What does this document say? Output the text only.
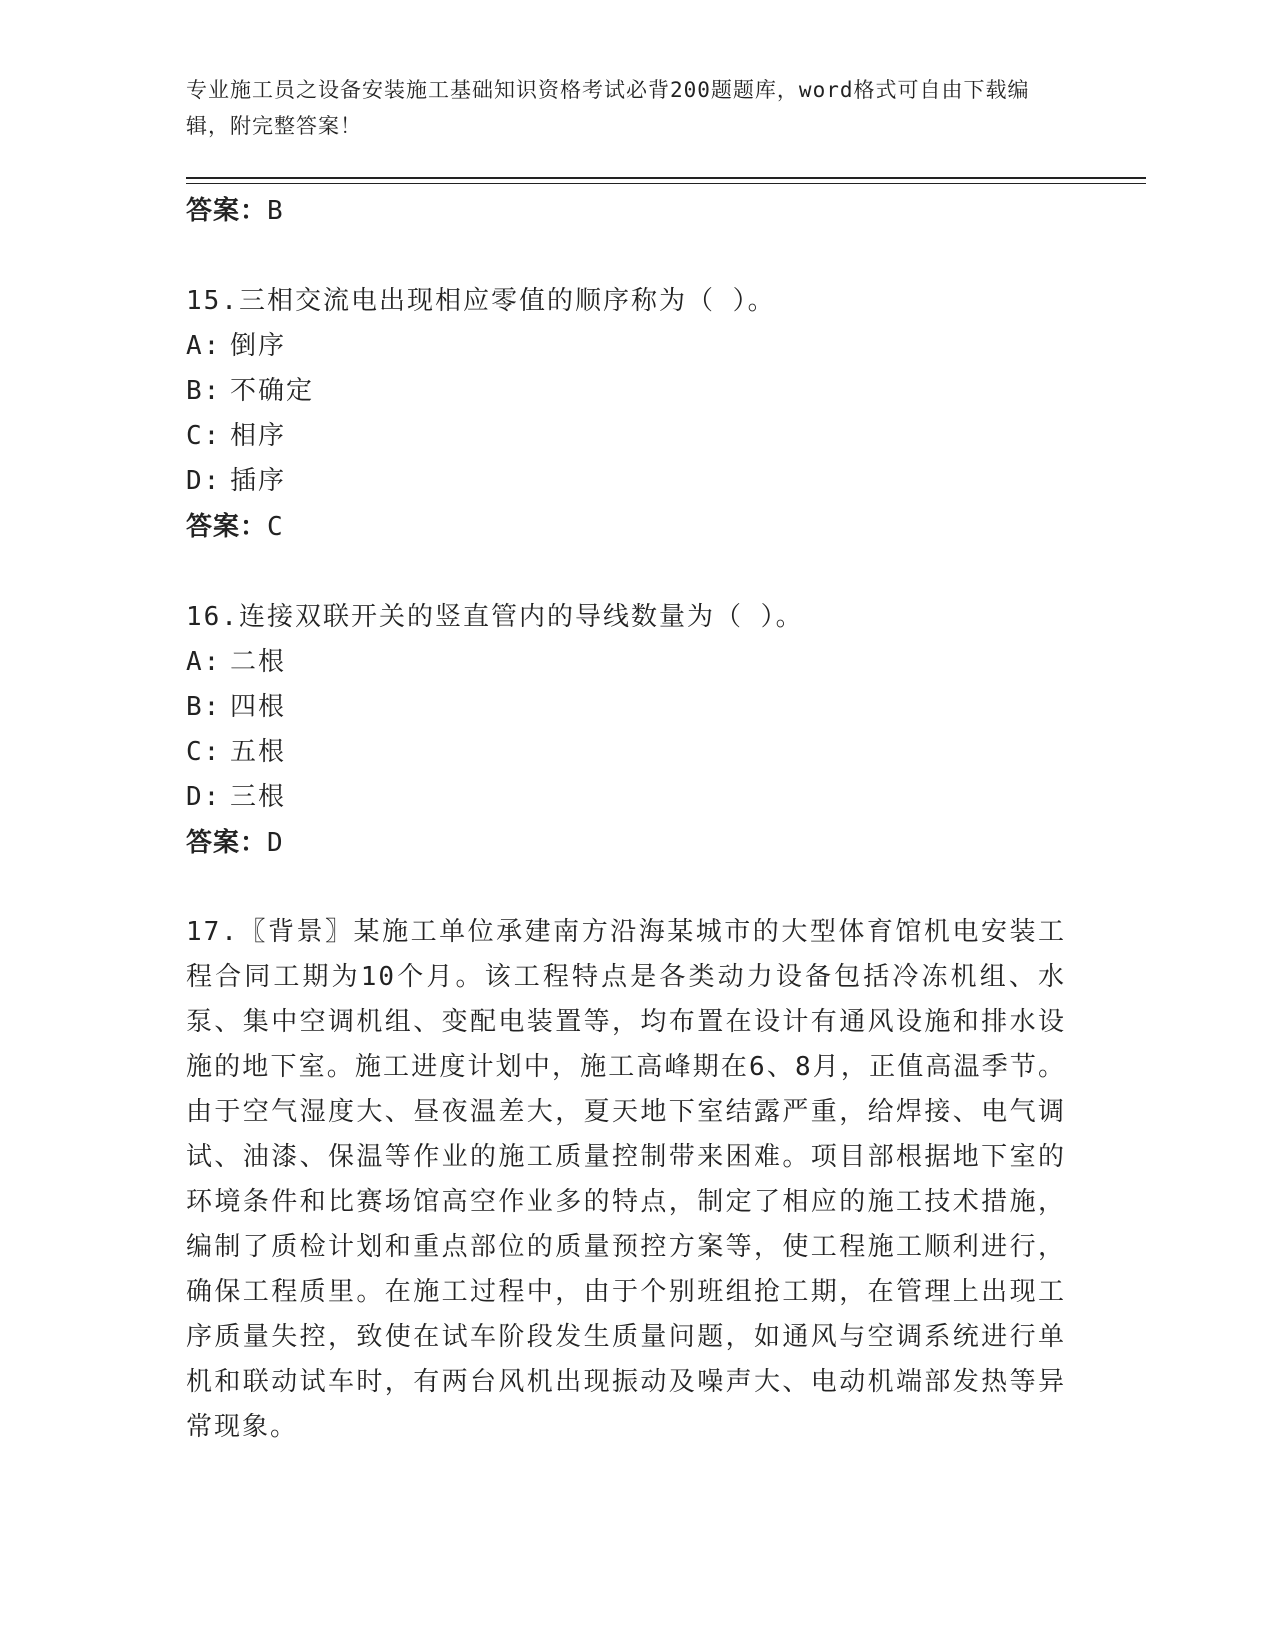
专业施工员之设备安装施工基础知识资格考试必背200题题库，word格式可自由下载编辑，附完整答案！

答案：B

15.三相交流电出现相应零值的顺序称为（ ）。

A: 倒序

B: 不确定

C: 相序

D: 插序

答案：C

16.连接双联开关的竖直管内的导线数量为（ ）。

A: 二根

B: 四根

C: 五根

D: 三根

答案：D

17.〖背景〗某施工单位承建南方沿海某城市的大型体育馆机电安装工程合同工期为10个月。该工程特点是各类动力设备包括冷冻机组、水泵、集中空调机组、变配电装置等，均布置在设计有通风设施和排水设施的地下室。施工进度计划中，施工高峰期在6、8月，正值高温季节。由于空气湿度大、昼夜温差大，夏天地下室结露严重，给焊接、电气调试、油漆、保温等作业的施工质量控制带来困难。项目部根据地下室的环境条件和比赛场馆高空作业多的特点，制定了相应的施工技术措施，编制了质检计划和重点部位的质量预控方案等，使工程施工顺利进行，确保工程质里。在施工过程中，由于个别班组抢工期，在管理上出现工序质量失控，致使在试车阶段发生质量问题，如通风与空调系统进行单机和联动试车时，有两台风机出现振动及噪声大、电动机端部发热等异常现象。
